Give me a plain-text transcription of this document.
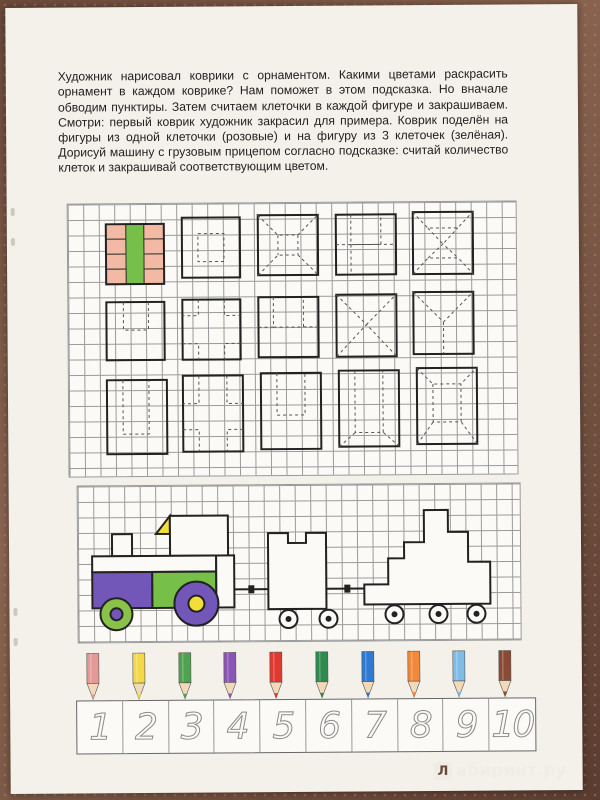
Художник нарисовал коврики с орнаментом. Какими цветами раскрасить орнамент в каждом коврике? Нам поможет в этом подсказка. Но вначале обводим пунктиры. Затем считаем клеточки в каждой фигуре и закрашиваем. Смотри: первый коврик художник закрасил для примера. Коврик поделён на фигуры из одной клеточки (розовые) и на фигуру из 3 клеточек (зелёная). Дорисуй машину с грузовым прицепом согласно подсказке: считай количество клеток и закрашивай соответствующим цветом.

1 2 3 4 5 6 7 8 9 10
Л абиринт.ру
